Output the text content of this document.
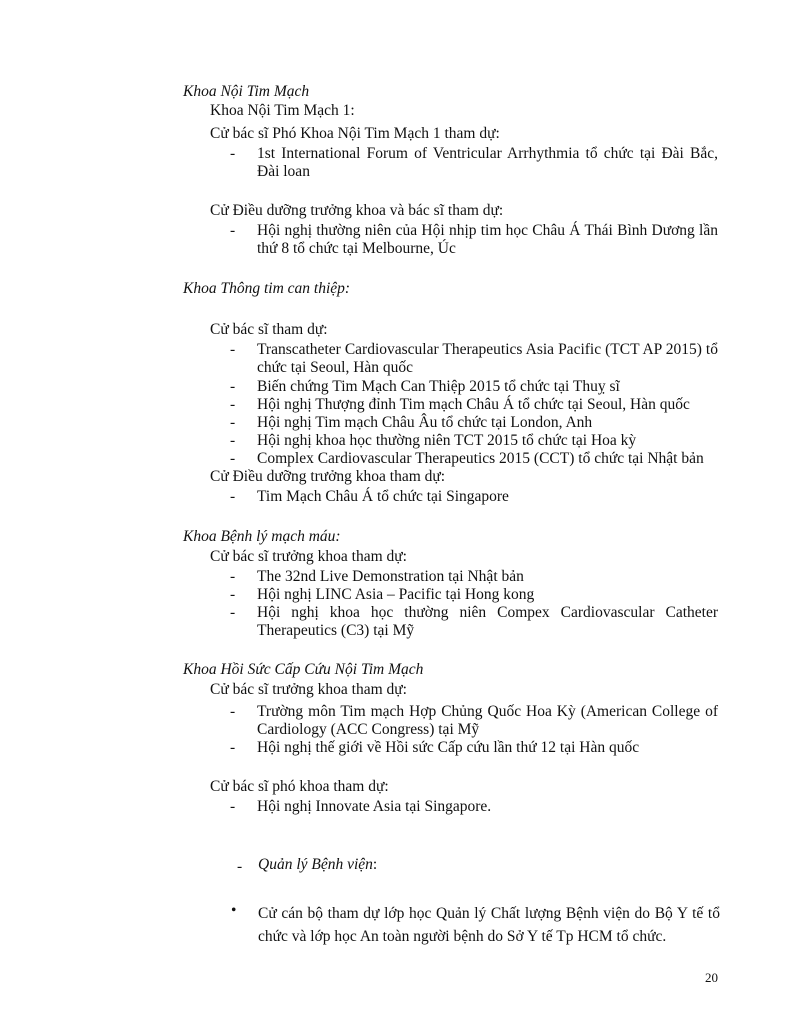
Khoa Nội Tim Mạch
Khoa Nội Tim Mạch 1:
Cử bác sĩ Phó Khoa Nội Tim Mạch 1 tham dự:
- 1st International Forum of Ventricular Arrhythmia tổ chức tại Đài Bắc, Đài loan
Cử Điều dưỡng trưởng khoa và bác sĩ tham dự:
- Hội nghị thường niên của Hội nhịp tim học Châu Á Thái Bình Dương lần thứ 8 tổ chức tại Melbourne, Úc
Khoa Thông tim can thiệp:
Cử bác sĩ tham dự:
- Transcatheter Cardiovascular Therapeutics Asia Pacific (TCT AP 2015) tổ chức tại Seoul, Hàn quốc
- Biến chứng Tim Mạch Can Thiệp 2015 tổ chức tại Thuỵ sĩ
- Hội nghị Thượng đỉnh Tim mạch Châu Á tổ chức tại Seoul, Hàn quốc
- Hội nghị Tim mạch Châu Âu tổ chức tại London, Anh
- Hội nghị khoa học thường niên TCT 2015 tổ chức tại Hoa kỳ
- Complex Cardiovascular Therapeutics 2015 (CCT) tổ chức tại Nhật bản
Cử Điều dưỡng trưởng khoa tham dự:
- Tim Mạch Châu Á tổ chức tại Singapore
Khoa Bệnh lý mạch máu:
Cử bác sĩ trưởng khoa tham dự:
- The 32nd Live Demonstration tại Nhật bản
- Hội nghị LINC Asia – Pacific tại Hong kong
- Hội nghị khoa học thường niên Compex Cardiovascular Catheter Therapeutics (C3) tại Mỹ
Khoa Hồi Sức Cấp Cứu Nội Tim Mạch
Cử bác sĩ trưởng khoa tham dự:
- Trường môn Tim mạch Hợp Chủng Quốc Hoa Kỳ (American College of Cardiology (ACC Congress) tại Mỹ
- Hội nghị thế giới về Hồi sức Cấp cứu lần thứ 12 tại Hàn quốc
Cử bác sĩ phó khoa tham dự:
- Hội nghị Innovate Asia tại Singapore.
- Quản lý Bệnh viện:
• Cử cán bộ tham dự lớp học Quản lý Chất lượng Bệnh viện do Bộ Y tế tổ chức và lớp học An toàn người bệnh do Sở Y tế Tp HCM tổ chức.
20
